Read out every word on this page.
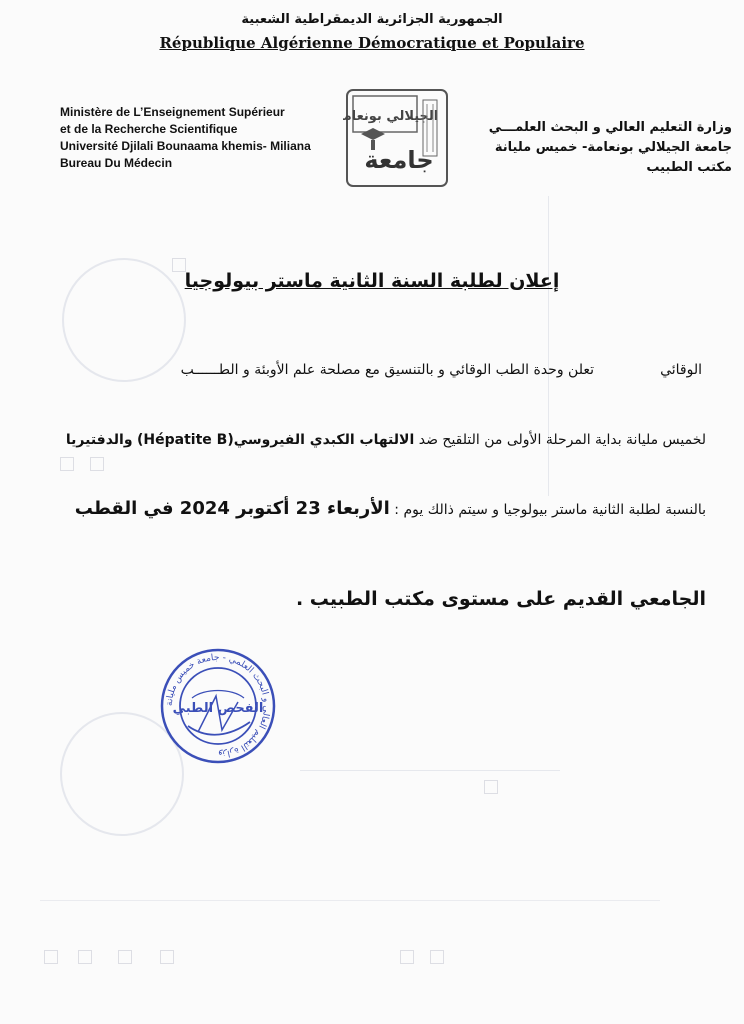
الجمهورية الجزائرية الديمقراطية الشعبية
République Algérienne Démocratique et Populaire
Ministère de L’Enseignement Supérieur
et de la Recherche Scientifique
Université Djilali Bounaama khemis- Miliana
Bureau Du Médecin
الجيلالي بونعامة
جامعة
وزارة التعليم العالي و البحث العلمـــي
جامعة الجيلالي بونعامة- خميس مليانة
مكتب الطبيب
إعلان لطلبة السنة الثانية ماستر بيولوجيا
تعلن وحدة الطب الوقائي و بالتنسيق مع مصلحة علم الأوبئة و الطــــــب	الوقائي
لخميس مليانة بداية المرحلة الأولى من التلقيح ضد الالتهاب الكبدي الفيروسي(Hépatite B) والدفتيريا
بالنسبة لطلبة الثانية ماستر بيولوجيا و سيتم ذالك يوم : الأربعاء 23 أكتوبر 2024 في القطب
الجامعي القديم على مستوى مكتب الطبيب .
وزارة التعليم العالي و البحث العلمي - جامعة خميس مليانة
الفحص الطبي
